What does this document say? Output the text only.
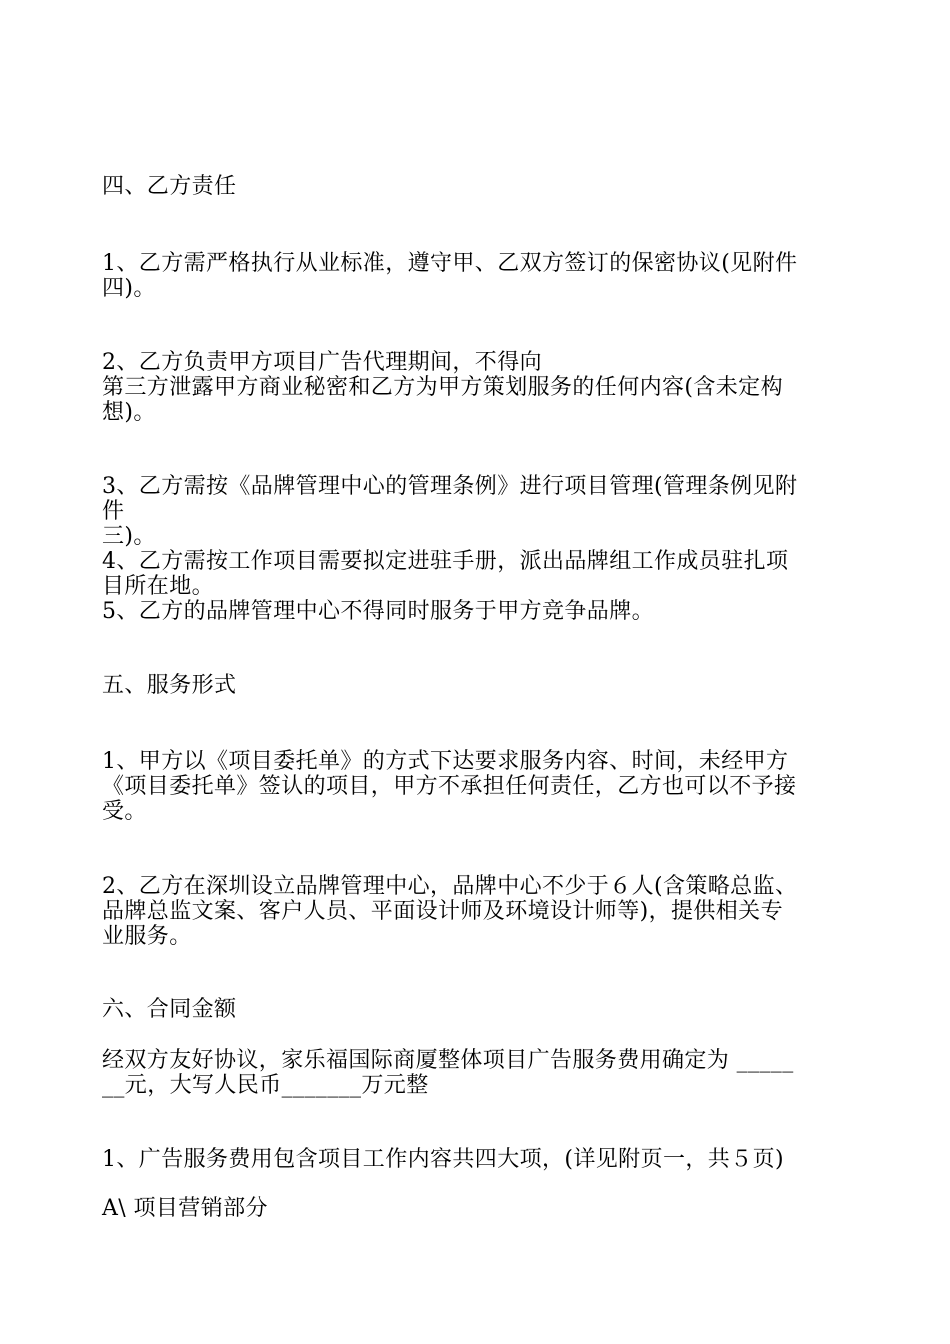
四、乙方责任
1、乙方需严格执行从业标准，遵守甲、乙双方签订的保密协议(见附件
四)。
2、乙方负责甲方项目广告代理期间，不得向
第三方泄露甲方商业秘密和乙方为甲方策划服务的任何内容(含未定构
想)。
3、乙方需按《品牌管理中心的管理条例》进行项目管理(管理条例见附
件
三)。
4、乙方需按工作项目需要拟定进驻手册，派出品牌组工作成员驻扎项
目所在地。
5、乙方的品牌管理中心不得同时服务于甲方竞争品牌。
五、服务形式
1、甲方以《项目委托单》的方式下达要求服务内容、时间，未经甲方
《项目委托单》签认的项目，甲方不承担任何责任，乙方也可以不予接
受。
2、乙方在深圳设立品牌管理中心，品牌中心不少于６人(含策略总监、
品牌总监文案、客户人员、平面设计师及环境设计师等)，提供相关专
业服务。
六、合同金额
经双方友好协议，家乐福国际商厦整体项目广告服务费用确定为 _____
__元，大写人民币_______万元整
1、广告服务费用包含项目工作内容共四大项，(详见附页一，共５页)
A\ 项目营销部分
